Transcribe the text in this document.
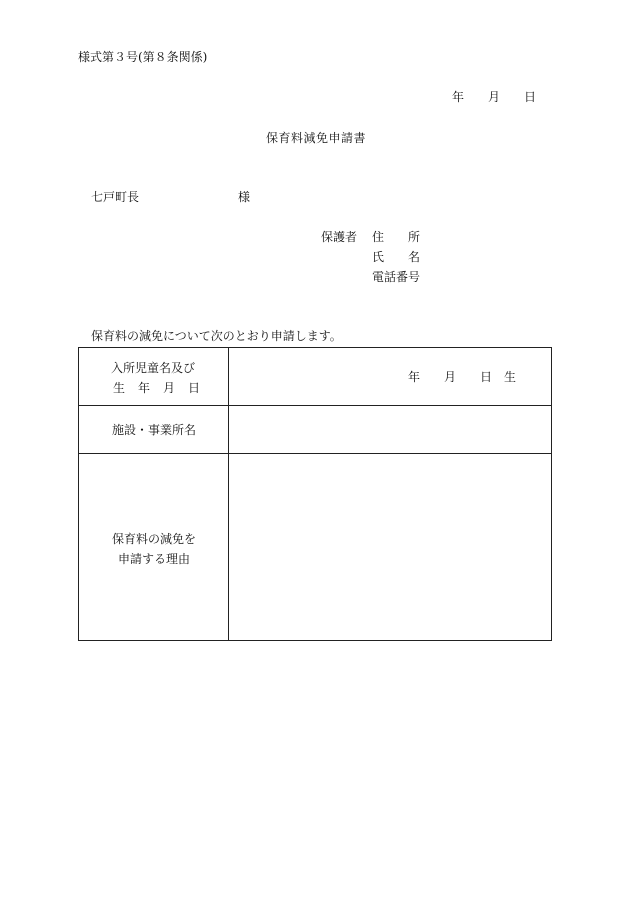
様式第３号(第８条関係)
年 月 日
保育料減免申請書
七戸町長	様
保護者 住 所
氏 名
電話番号
保育料の減免について次のとおり申請します。
入所児童名及び
生 年 月 日
年 月 日 生
施設・事業所名
保育料の減免を
申請する理由
